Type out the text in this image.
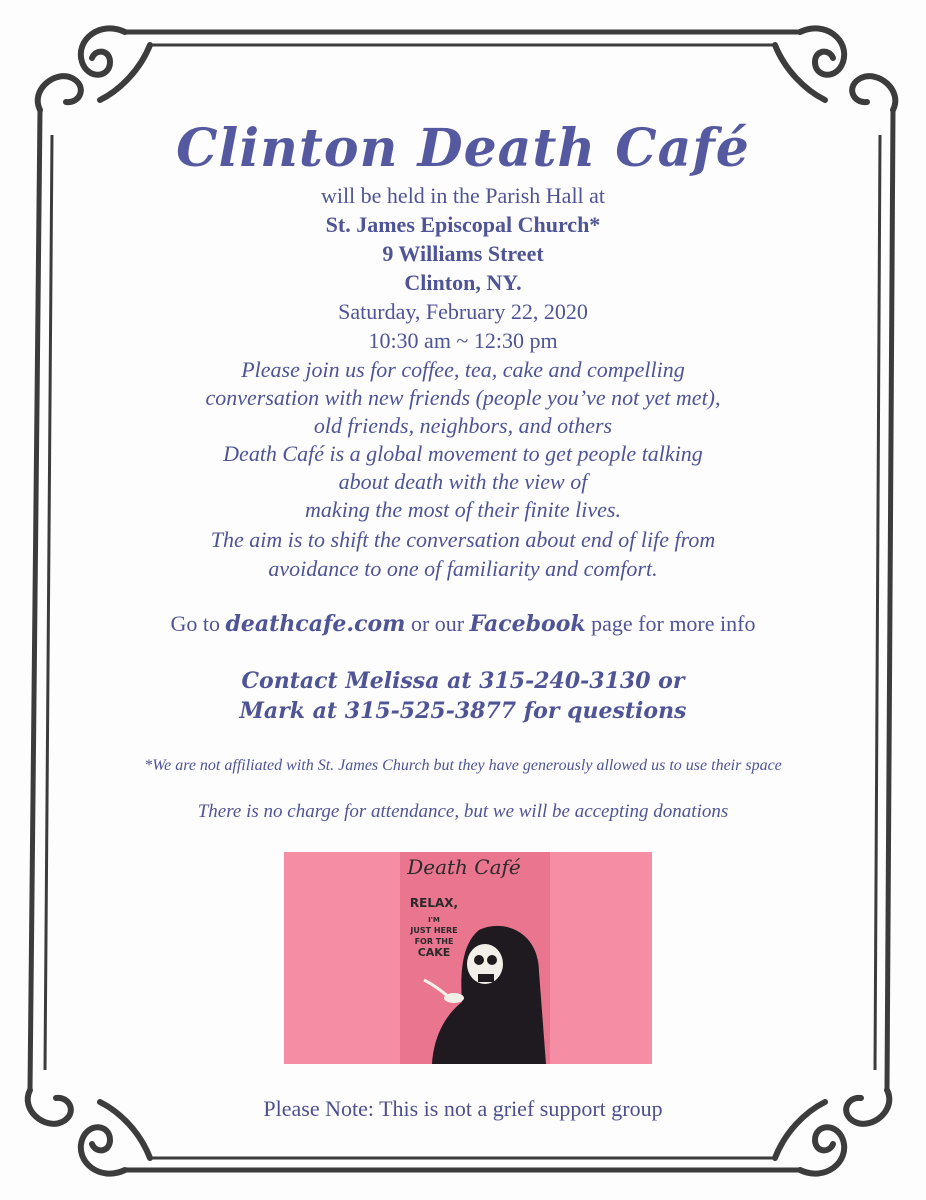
Clinton Death Café
will be held in the Parish Hall at
St. James Episcopal Church*
9 Williams Street
Clinton, NY.
Saturday, February 22, 2020
10:30 am ~ 12:30 pm
Please join us for coffee, tea, cake and compelling
conversation with new friends (people you’ve not yet met),
old friends, neighbors, and others
Death Café is a global movement to get people talking
about death with the view of
making the most of their finite lives.
The aim is to shift the conversation about end of life from
avoidance to one of familiarity and comfort.
Go to deathcafe.com or our Facebook page for more info
Contact Melissa at 315-240-3130 or
Mark at 315-525-3877 for questions
*We are not affiliated with St. James Church but they have generously allowed us to use their space
There is no charge for attendance, but we will be accepting donations
Death Café
RELAX,
I'M
JUST HERE
FOR THE
CAKE
Please Note: This is not a grief support group
